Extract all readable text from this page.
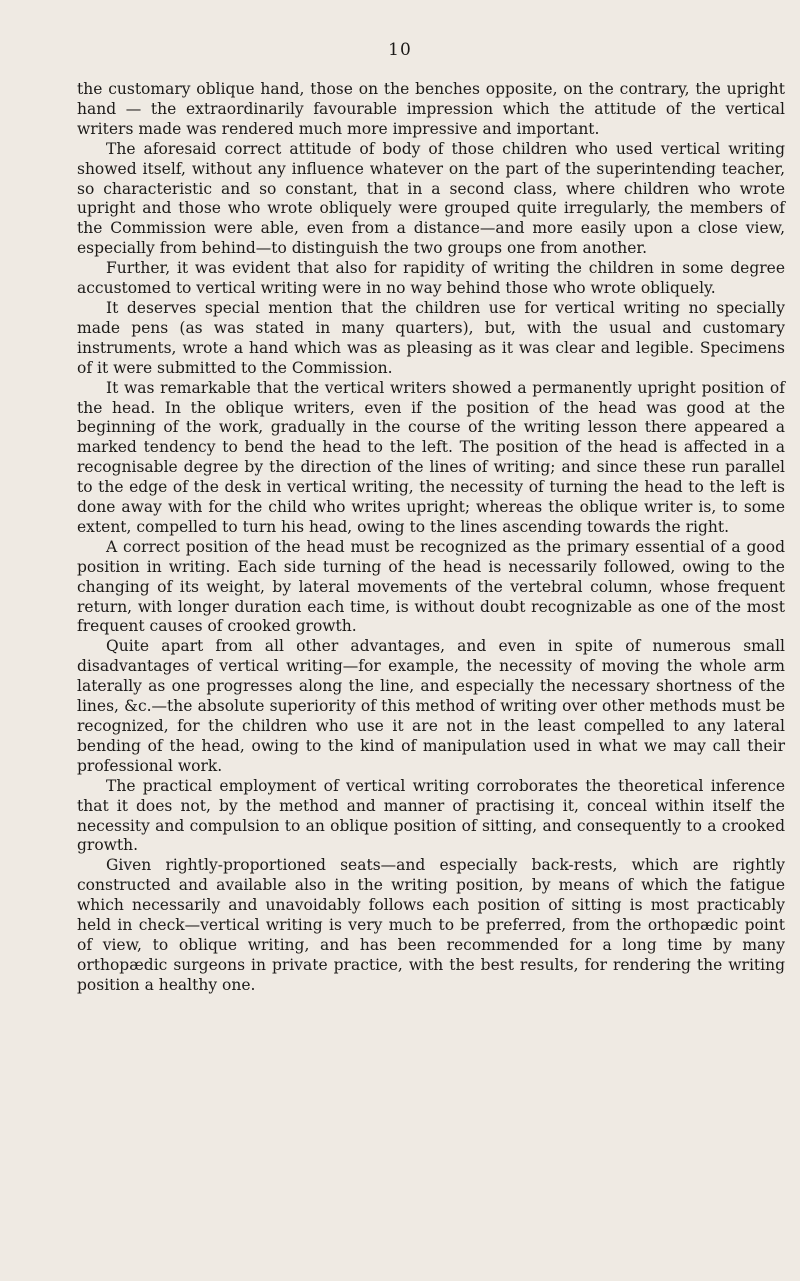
10

the customary oblique hand, those on the benches opposite, on the contrary, the upright hand — the extraordinarily favourable impression which the attitude of the vertical writers made was rendered much more impressive and important.

The aforesaid correct attitude of body of those children who used vertical writing showed itself, without any influence whatever on the part of the superintending teacher, so characteristic and so constant, that in a second class, where children who wrote upright and those who wrote obliquely were grouped quite irregularly, the members of the Commission were able, even from a distance—and more easily upon a close view, especially from behind—to distinguish the two groups one from another.

Further, it was evident that also for rapidity of writing the children in some degree accustomed to vertical writing were in no way behind those who wrote obliquely.

It deserves special mention that the children use for vertical writing no specially made pens (as was stated in many quarters), but, with the usual and customary instruments, wrote a hand which was as pleasing as it was clear and legible. Specimens of it were submitted to the Commission.

It was remarkable that the vertical writers showed a permanently upright position of the head. In the oblique writers, even if the position of the head was good at the beginning of the work, gradually in the course of the writing lesson there appeared a marked tendency to bend the head to the left. The position of the head is affected in a recognisable degree by the direction of the lines of writing; and since these run parallel to the edge of the desk in vertical writing, the necessity of turning the head to the left is done away with for the child who writes upright; whereas the oblique writer is, to some extent, compelled to turn his head, owing to the lines ascending towards the right.

A correct position of the head must be recognized as the primary essential of a good position in writing. Each side turning of the head is necessarily followed, owing to the changing of its weight, by lateral movements of the vertebral column, whose frequent return, with longer duration each time, is without doubt recognizable as one of the most frequent causes of crooked growth.

Quite apart from all other advantages, and even in spite of numerous small disadvantages of vertical writing—for example, the necessity of moving the whole arm laterally as one progresses along the line, and especially the necessary shortness of the lines, &c.—the absolute superiority of this method of writing over other methods must be recognized, for the children who use it are not in the least compelled to any lateral bending of the head, owing to the kind of manipulation used in what we may call their professional work.

The practical employment of vertical writing corroborates the theoretical inference that it does not, by the method and manner of practising it, conceal within itself the necessity and compulsion to an oblique position of sitting, and consequently to a crooked growth.

Given rightly-proportioned seats—and especially back-rests, which are rightly constructed and available also in the writing position, by means of which the fatigue which necessarily and unavoidably follows each position of sitting is most practicably held in check—vertical writing is very much to be preferred, from the orthopædic point of view, to oblique writing, and has been recommended for a long time by many orthopædic surgeons in private practice, with the best results, for rendering the writing position a healthy one.
